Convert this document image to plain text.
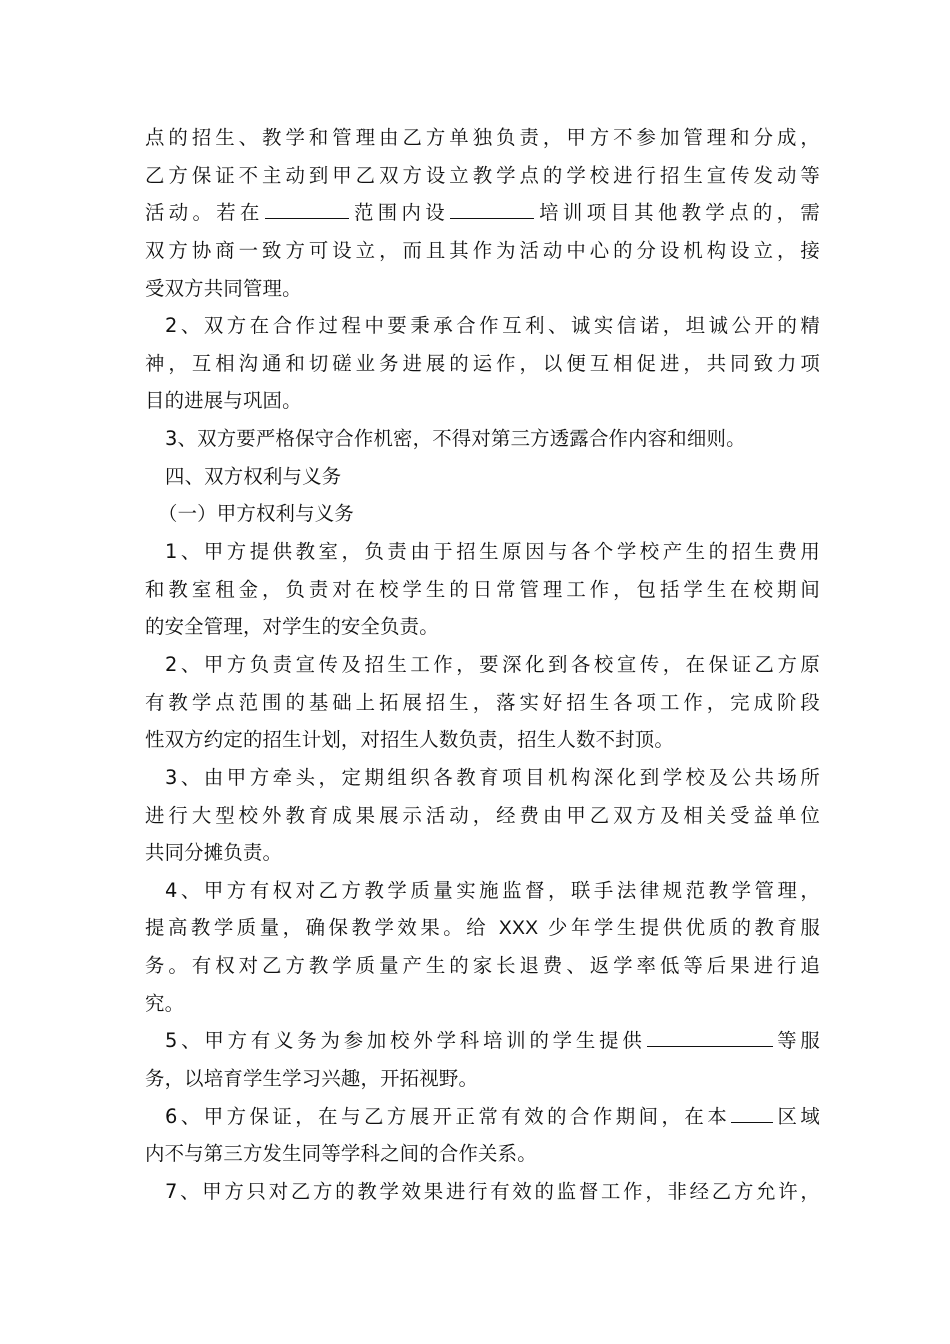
点的招生、教学和管理由乙方单独负责，甲方不参加管理和分成，
乙方保证不主动到甲乙双方设立教学点的学校进行招生宣传发动等
活动。若在	范围内设	培训项目其他教学点的，需
双方协商一致方可设立，而且其作为活动中心的分设机构设立，接
受双方共同管理。
2、双方在合作过程中要秉承合作互利、诚实信诺，坦诚公开的精
神，互相沟通和切磋业务进展的运作，以便互相促进，共同致力项
目的进展与巩固。
3、双方要严格保守合作机密，不得对第三方透露合作内容和细则。
四、双方权利与义务
（一）甲方权利与义务
1、甲方提供教室，负责由于招生原因与各个学校产生的招生费用
和教室租金，负责对在校学生的日常管理工作，包括学生在校期间
的安全管理，对学生的安全负责。
2、甲方负责宣传及招生工作，要深化到各校宣传，在保证乙方原
有教学点范围的基础上拓展招生，落实好招生各项工作，完成阶段
性双方约定的招生计划，对招生人数负责，招生人数不封顶。
3、由甲方牵头，定期组织各教育项目机构深化到学校及公共场所
进行大型校外教育成果展示活动，经费由甲乙双方及相关受益单位
共同分摊负责。
4、甲方有权对乙方教学质量实施监督，联手法律规范教学管理，
提高教学质量，确保教学效果。给 XXX 少年学生提供优质的教育服
务。有权对乙方教学质量产生的家长退费、返学率低等后果进行追
究。
5、甲方有义务为参加校外学科培训的学生提供	等服
务，以培育学生学习兴趣，开拓视野。
6、甲方保证，在与乙方展开正常有效的合作期间，在本 区域
内不与第三方发生同等学科之间的合作关系。
7、甲方只对乙方的教学效果进行有效的监督工作，非经乙方允许，
